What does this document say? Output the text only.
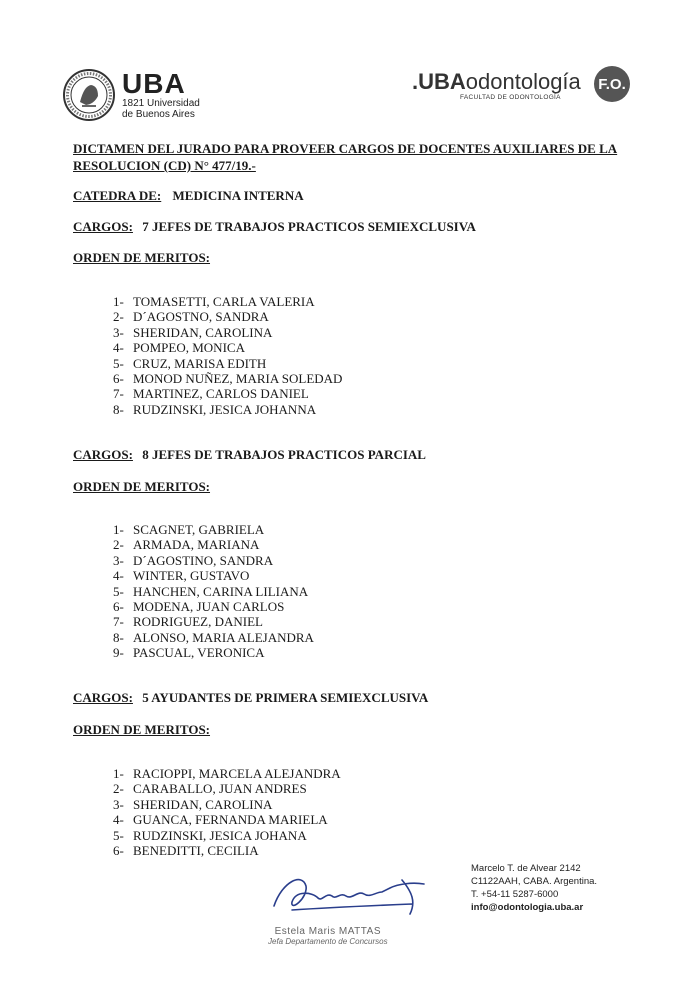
UBA
1821 Universidad
de Buenos Aires
.UBAodontología
FACULTAD DE ODONTOLOGÍA
F.O.
DICTAMEN DEL JURADO PARA PROVEER CARGOS DE DOCENTES AUXILIARES DE LA RESOLUCION (CD) N° 477/19.-
CATEDRA DE: MEDICINA INTERNA
CARGOS: 7 JEFES DE TRABAJOS PRACTICOS SEMIEXCLUSIVA
ORDEN DE MERITOS:
1- TOMASETTI, CARLA VALERIA
2- D´AGOSTNO, SANDRA
3- SHERIDAN, CAROLINA
4- POMPEO, MONICA
5- CRUZ, MARISA EDITH
6- MONOD NUÑEZ, MARIA SOLEDAD
7- MARTINEZ, CARLOS DANIEL
8- RUDZINSKI, JESICA JOHANNA
CARGOS: 8 JEFES DE TRABAJOS PRACTICOS PARCIAL
ORDEN DE MERITOS:
1- SCAGNET, GABRIELA
2- ARMADA, MARIANA
3- D´AGOSTINO, SANDRA
4- WINTER, GUSTAVO
5- HANCHEN, CARINA LILIANA
6- MODENA, JUAN CARLOS
7- RODRIGUEZ, DANIEL
8- ALONSO, MARIA ALEJANDRA
9- PASCUAL, VERONICA
CARGOS: 5 AYUDANTES DE PRIMERA SEMIEXCLUSIVA
ORDEN DE MERITOS:
1- RACIOPPI, MARCELA ALEJANDRA
2- CARABALLO, JUAN ANDRES
3- SHERIDAN, CAROLINA
4- GUANCA, FERNANDA MARIELA
5- RUDZINSKI, JESICA JOHANA
6- BENEDITTI, CECILIA
Estela Maris MATTAS
Jefa Departamento de Concursos
Marcelo T. de Alvear 2142
C1122AAH, CABA. Argentina.
T. +54-11 5287-6000
info@odontologia.uba.ar
